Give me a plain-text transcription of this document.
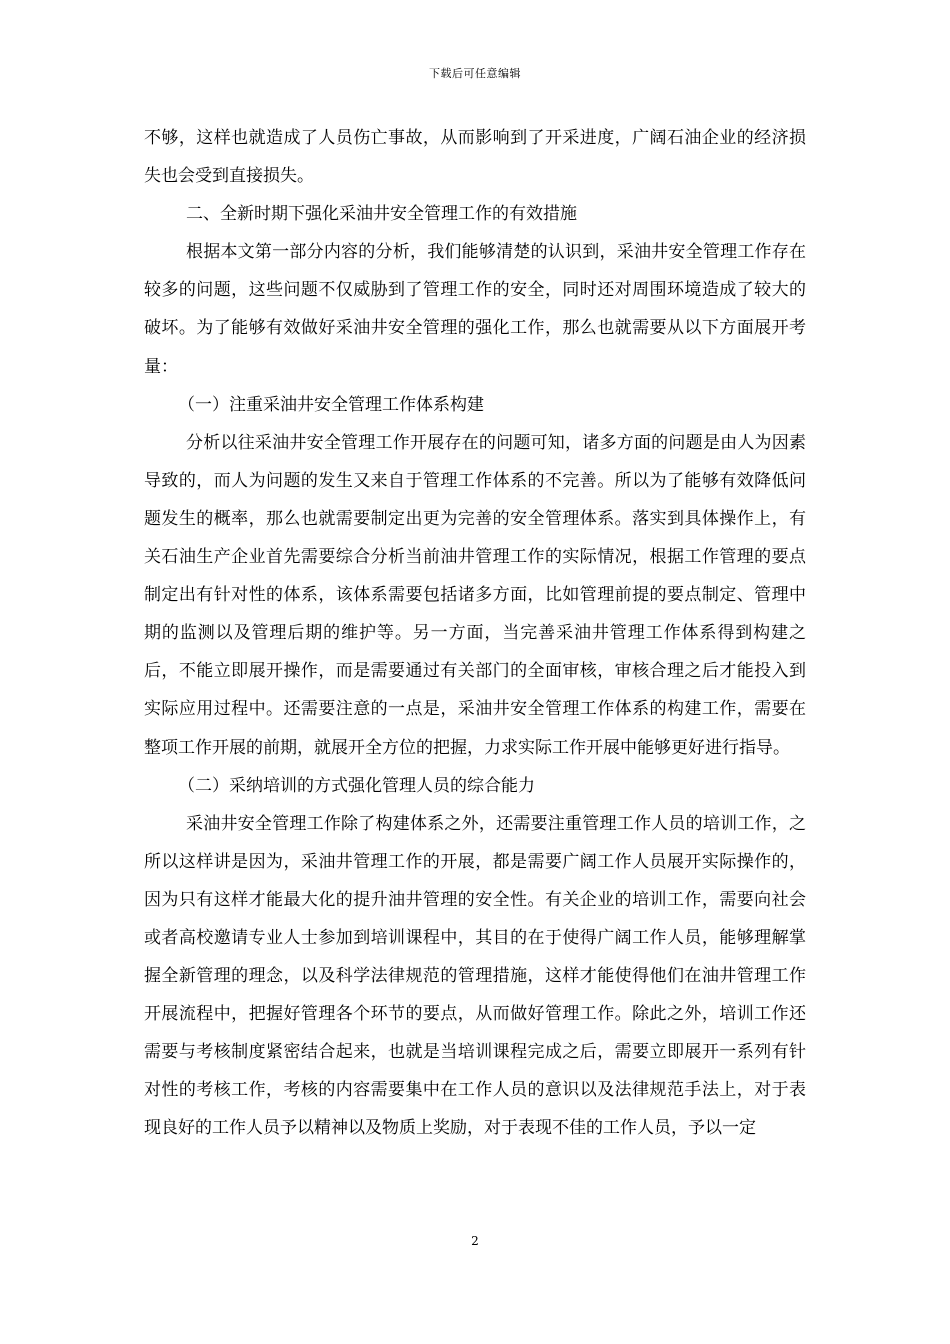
下载后可任意编辑

不够，这样也就造成了人员伤亡事故，从而影响到了开采进度，广阔石油企业的经济损失也会受到直接损失。

二、全新时期下强化采油井安全管理工作的有效措施

根据本文第一部分内容的分析，我们能够清楚的认识到，采油井安全管理工作存在较多的问题，这些问题不仅威胁到了管理工作的安全，同时还对周围环境造成了较大的破坏。为了能够有效做好采油井安全管理的强化工作，那么也就需要从以下方面展开考量：

（一）注重采油井安全管理工作体系构建

分析以往采油井安全管理工作开展存在的问题可知，诸多方面的问题是由人为因素导致的，而人为问题的发生又来自于管理工作体系的不完善。所以为了能够有效降低问题发生的概率，那么也就需要制定出更为完善的安全管理体系。落实到具体操作上，有关石油生产企业首先需要综合分析当前油井管理工作的实际情况，根据工作管理的要点制定出有针对性的体系，该体系需要包括诸多方面，比如管理前提的要点制定、管理中期的监测以及管理后期的维护等。另一方面，当完善采油井管理工作体系得到构建之后，不能立即展开操作，而是需要通过有关部门的全面审核，审核合理之后才能投入到实际应用过程中。还需要注意的一点是，采油井安全管理工作体系的构建工作，需要在整项工作开展的前期，就展开全方位的把握，力求实际工作开展中能够更好进行指导。

（二）采纳培训的方式强化管理人员的综合能力

采油井安全管理工作除了构建体系之外，还需要注重管理工作人员的培训工作，之所以这样讲是因为，采油井管理工作的开展，都是需要广阔工作人员展开实际操作的，因为只有这样才能最大化的提升油井管理的安全性。有关企业的培训工作，需要向社会或者高校邀请专业人士参加到培训课程中，其目的在于使得广阔工作人员，能够理解掌握全新管理的理念，以及科学法律规范的管理措施，这样才能使得他们在油井管理工作开展流程中，把握好管理各个环节的要点，从而做好管理工作。除此之外，培训工作还需要与考核制度紧密结合起来，也就是当培训课程完成之后，需要立即展开一系列有针对性的考核工作，考核的内容需要集中在工作人员的意识以及法律规范手法上，对于表现良好的工作人员予以精神以及物质上奖励，对于表现不佳的工作人员，予以一定

2
